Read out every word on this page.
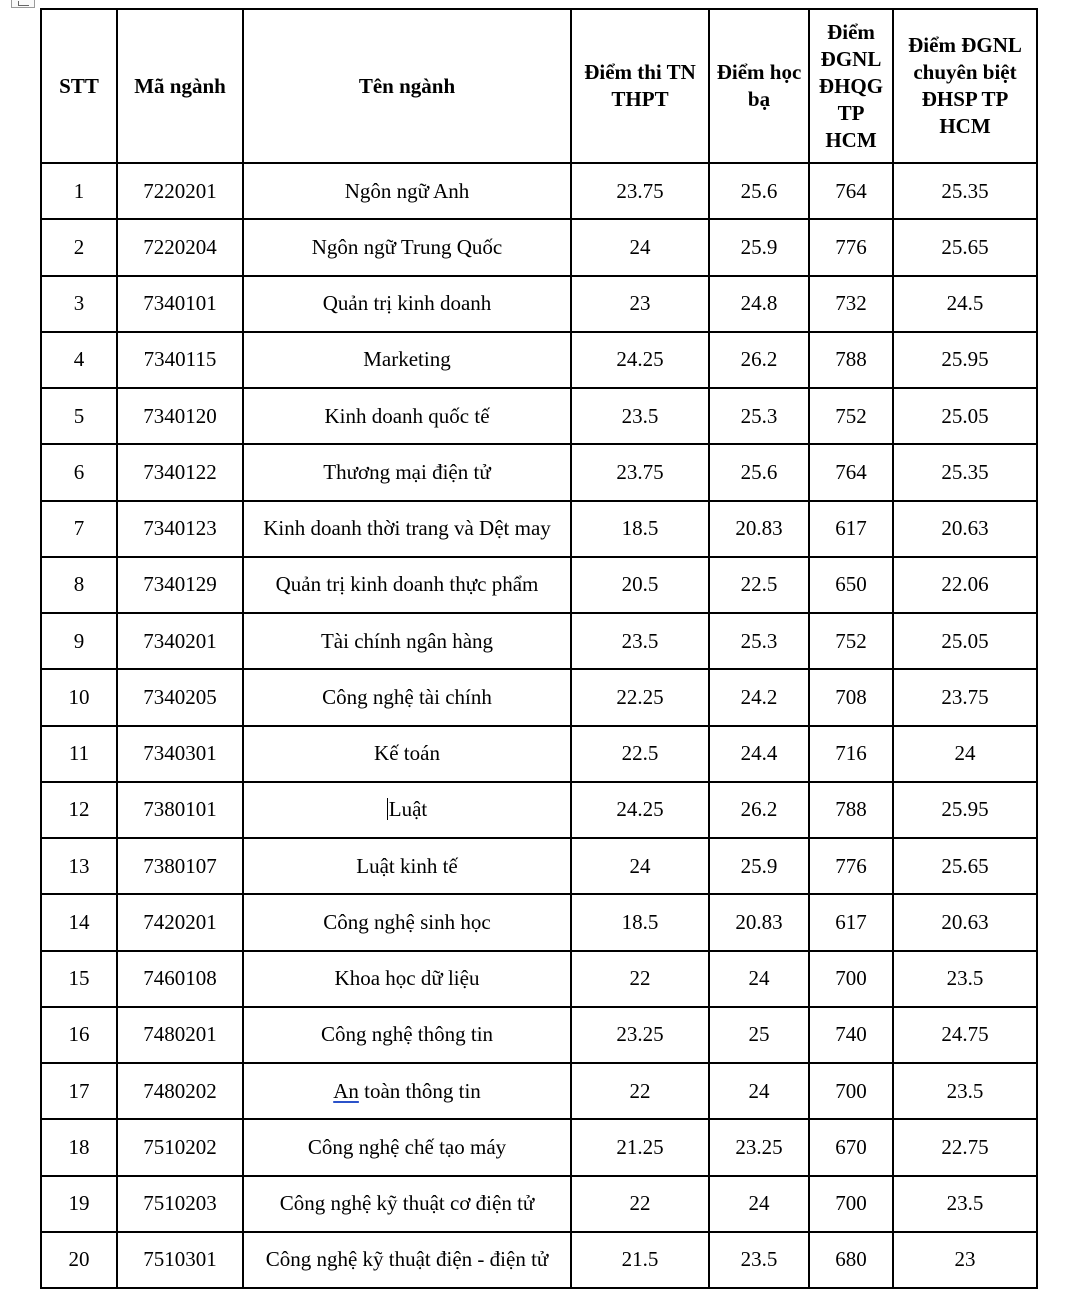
STT	Mã ngành	Tên ngành	Điểm thi TN THPT	Điểm học bạ	Điểm ĐGNL ĐHQG TP HCM	Điểm ĐGNL chuyên biệt ĐHSP TP HCM
1	7220201	Ngôn ngữ Anh	23.75	25.6	764	25.35
2	7220204	Ngôn ngữ Trung Quốc	24	25.9	776	25.65
3	7340101	Quản trị kinh doanh	23	24.8	732	24.5
4	7340115	Marketing	24.25	26.2	788	25.95
5	7340120	Kinh doanh quốc tế	23.5	25.3	752	25.05
6	7340122	Thương mại điện tử	23.75	25.6	764	25.35
7	7340123	Kinh doanh thời trang và Dệt may	18.5	20.83	617	20.63
8	7340129	Quản trị kinh doanh thực phẩm	20.5	22.5	650	22.06
9	7340201	Tài chính ngân hàng	23.5	25.3	752	25.05
10	7340205	Công nghệ tài chính	22.25	24.2	708	23.75
11	7340301	Kế toán	22.5	24.4	716	24
12	7380101	Luật	24.25	26.2	788	25.95
13	7380107	Luật kinh tế	24	25.9	776	25.65
14	7420201	Công nghệ sinh học	18.5	20.83	617	20.63
15	7460108	Khoa học dữ liệu	22	24	700	23.5
16	7480201	Công nghệ thông tin	23.25	25	740	24.75
17	7480202	An toàn thông tin	22	24	700	23.5
18	7510202	Công nghệ chế tạo máy	21.25	23.25	670	22.75
19	7510203	Công nghệ kỹ thuật cơ điện tử	22	24	700	23.5
20	7510301	Công nghệ kỹ thuật điện - điện tử	21.5	23.5	680	23
